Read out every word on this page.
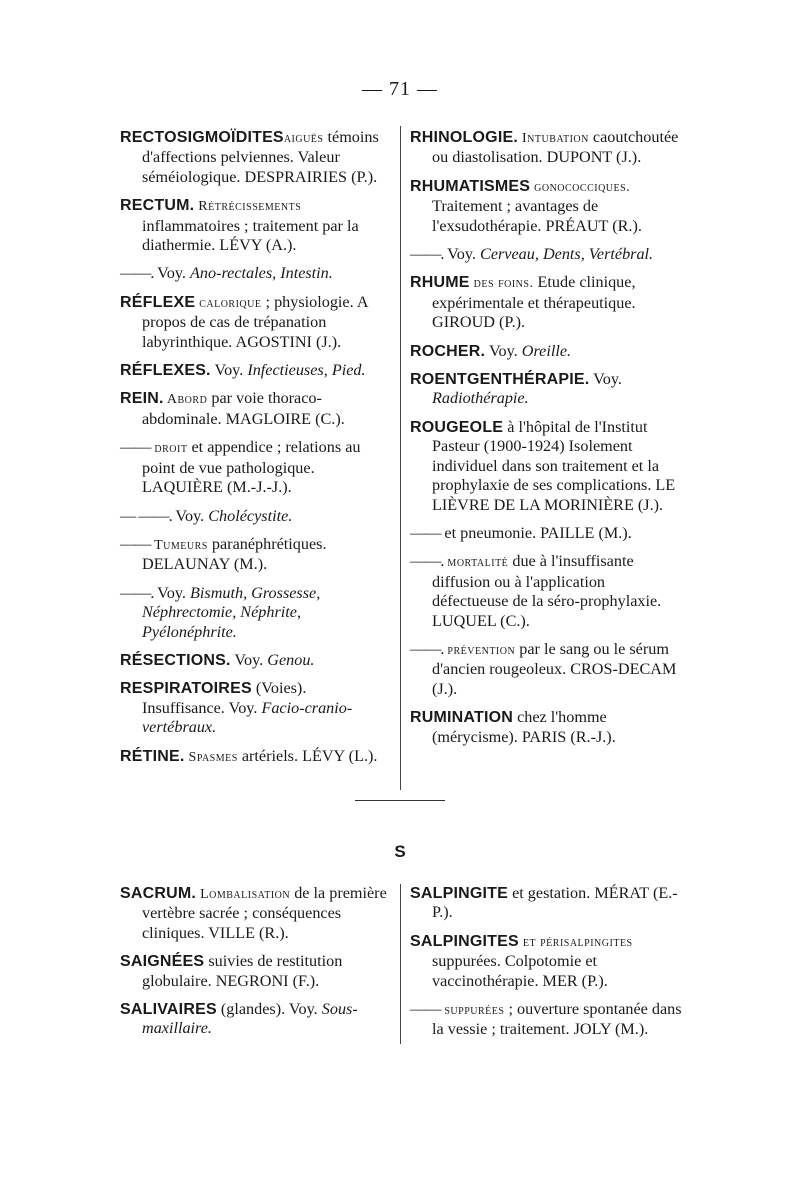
— 71 —
S
RECTOSIGMOÏDITESaiguës témoins d'affections pelviennes. Valeur séméiologique. DESPRAIRIES (P.).
RECTUM. Rétrécissements inflammatoires ; traitement par la diathermie. LÉVY (A.).
——. Voy. Ano-rectales, Intestin.
RÉFLEXE calorique ; physiologie. A propos de cas de trépanation labyrinthique. AGOSTINI (J.).
RÉFLEXES. Voy. Infectieuses, Pied.
REIN. Abord par voie thoraco-abdominale. MAGLOIRE (C.).
—— droit et appendice ; relations au point de vue pathologique. LAQUIÈRE (M.-J.-J.).
— ——. Voy. Cholécystite.
—— Tumeurs paranéphrétiques. DELAUNAY (M.).
——. Voy. Bismuth, Grossesse, Néphrectomie, Néphrite, Pyélonéphrite.
RÉSECTIONS. Voy. Genou.
RESPIRATOIRES (Voies). Insuffisance. Voy. Facio-cranio-vertébraux.
RÉTINE. Spasmes artériels. LÉVY (L.).
RHINOLOGIE. Intubation caoutchoutée ou diastolisation. DUPONT (J.).
RHUMATISMES gonococciques. Traitement ; avantages de l'exsudothérapie. PRÉAUT (R.).
——. Voy. Cerveau, Dents, Vertébral.
RHUME des foins. Etude clinique, expérimentale et thérapeutique. GIROUD (P.).
ROCHER. Voy. Oreille.
ROENTGENTHÉRAPIE. Voy. Radiothérapie.
ROUGEOLE à l'hôpital de l'Institut Pasteur (1900-1924) Isolement individuel dans son traitement et la prophylaxie de ses complications. LE LIÈVRE DE LA MORINIÈRE (J.).
—— et pneumonie. PAILLE (M.).
——. mortalité due à l'insuffisante diffusion ou à l'application défectueuse de la séro-prophylaxie. LUQUEL (C.).
——. prévention par le sang ou le sérum d'ancien rougeoleux. CROS-DECAM (J.).
RUMINATION chez l'homme (mérycisme). PARIS (R.-J.).
SACRUM. Lombalisation de la première vertèbre sacrée ; conséquences cliniques. VILLE (R.).
SAIGNÉES suivies de restitution globulaire. NEGRONI (F.).
SALIVAIRES (glandes). Voy. Sous-maxillaire.
SALPINGITE et gestation. MÉRAT (E.-P.).
SALPINGITES et périsalpingites suppurées. Colpotomie et vaccinothérapie. MER (P.).
—— suppurées ; ouverture spontanée dans la vessie ; traitement. JOLY (M.).
